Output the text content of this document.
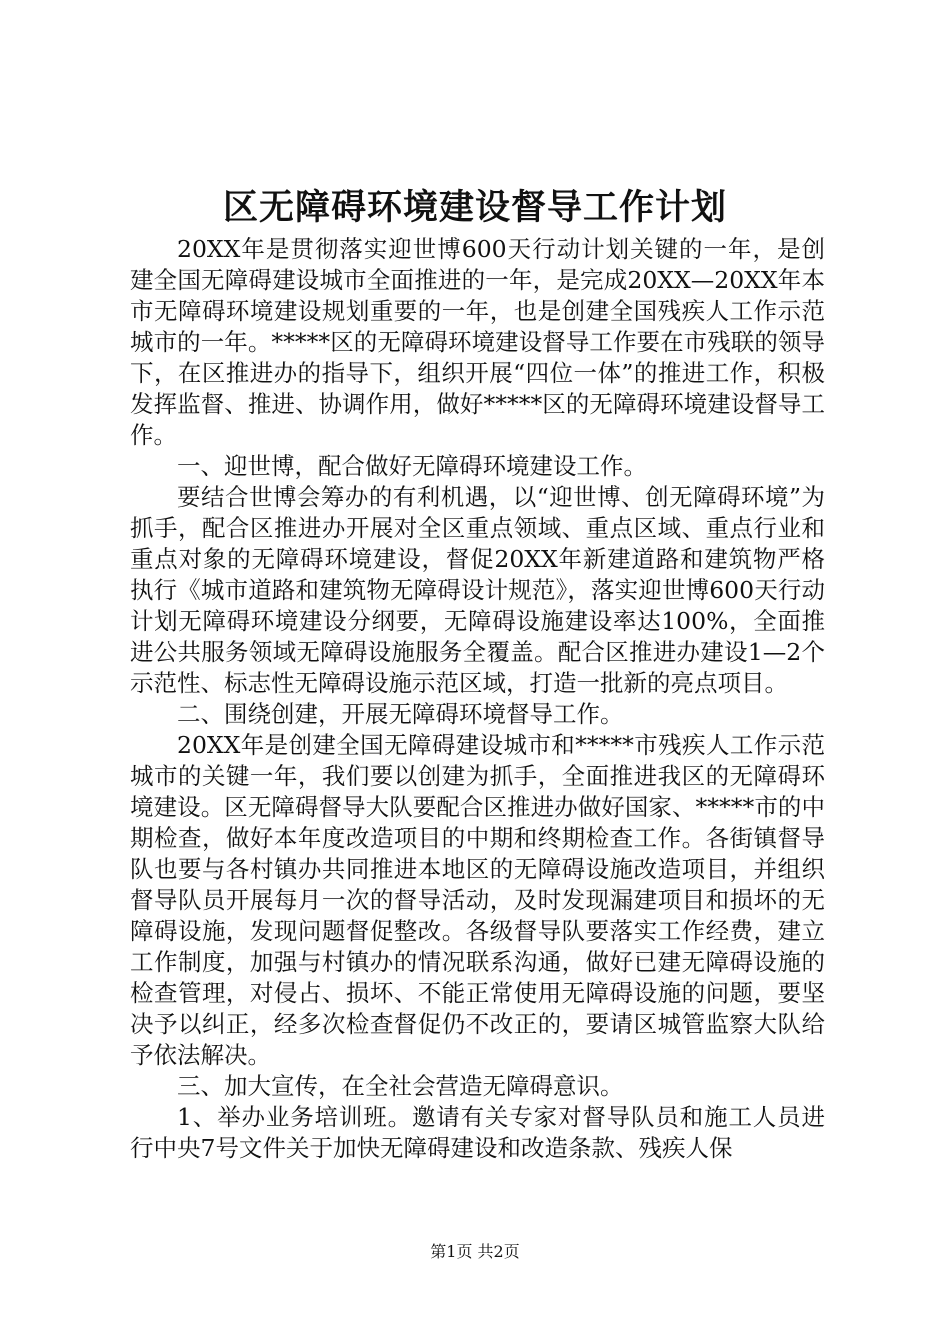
区无障碍环境建设督导工作计划

20XX年是贯彻落实迎世博600天行动计划关键的一年，是创建全国无障碍建设城市全面推进的一年，是完成20XX—20XX年本市无障碍环境建设规划重要的一年，也是创建全国残疾人工作示范城市的一年。*****区的无障碍环境建设督导工作要在市残联的领导下，在区推进办的指导下，组织开展“四位一体”的推进工作，积极发挥监督、推进、协调作用，做好*****区的无障碍环境建设督导工作。

一、迎世博，配合做好无障碍环境建设工作。

要结合世博会筹办的有利机遇，以“迎世博、创无障碍环境”为抓手，配合区推进办开展对全区重点领域、重点区域、重点行业和重点对象的无障碍环境建设，督促20XX年新建道路和建筑物严格执行《城市道路和建筑物无障碍设计规范》，落实迎世博600天行动计划无障碍环境建设分纲要，无障碍设施建设率达100%，全面推进公共服务领域无障碍设施服务全覆盖。配合区推进办建设1—2个示范性、标志性无障碍设施示范区域，打造一批新的亮点项目。

二、围绕创建，开展无障碍环境督导工作。

20XX年是创建全国无障碍建设城市和*****市残疾人工作示范城市的关键一年，我们要以创建为抓手，全面推进我区的无障碍环境建设。区无障碍督导大队要配合区推进办做好国家、*****市的中期检查，做好本年度改造项目的中期和终期检查工作。各街镇督导队也要与各村镇办共同推进本地区的无障碍设施改造项目，并组织督导队员开展每月一次的督导活动，及时发现漏建项目和损坏的无障碍设施，发现问题督促整改。各级督导队要落实工作经费，建立工作制度，加强与村镇办的情况联系沟通，做好已建无障碍设施的检查管理，对侵占、损坏、不能正常使用无障碍设施的问题，要坚决予以纠正，经多次检查督促仍不改正的，要请区城管监察大队给予依法解决。

三、加大宣传，在全社会营造无障碍意识。

1、举办业务培训班。邀请有关专家对督导队员和施工人员进行中央7号文件关于加快无障碍建设和改造条款、残疾人保

第1页 共2页
